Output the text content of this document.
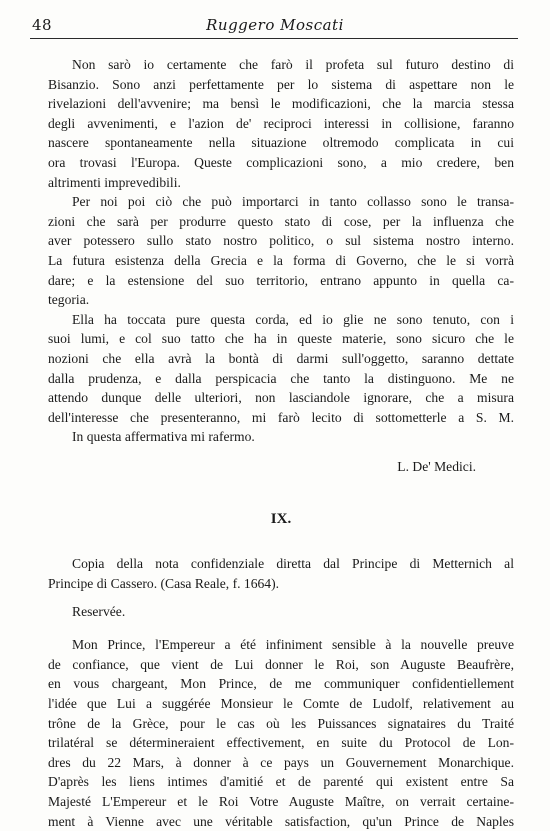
48	Ruggero Moscati
Non sarò io certamente che farò il profeta sul futuro destino di
Bisanzio. Sono anzi perfettamente per lo sistema di aspettare non le
rivelazioni dell'avvenire; ma bensì le modificazioni, che la marcia stessa
degli avvenimenti, e l'azion de' reciproci interessi in collisione, faranno
nascere spontaneamente nella situazione oltremodo complicata in cui
ora trovasi l'Europa. Queste complicazioni sono, a mio credere, ben
altrimenti imprevedibili.
Per noi poi ciò che può importarci in tanto collasso sono le transa-
zioni che sarà per produrre questo stato di cose, per la influenza che
aver potessero sullo stato nostro politico, o sul sistema nostro interno.
La futura esistenza della Grecia e la forma di Governo, che le si vorrà
dare; e la estensione del suo territorio, entrano appunto in quella ca-
tegoria.
Ella ha toccata pure questa corda, ed io glie ne sono tenuto, con i
suoi lumi, e col suo tatto che ha in queste materie, sono sicuro che le
nozioni che ella avrà la bontà di darmi sull'oggetto, saranno dettate
dalla prudenza, e dalla perspicacia che tanto la distinguono. Me ne
attendo dunque delle ulteriori, non lasciandole ignorare, che a misura
dell'interesse che presenteranno, mi farò lecito di sottometterle a S. M.
In questa affermativa mi rafermo.
L. De' Medici.
IX.
Copia della nota confidenziale diretta dal Principe di Metternich al
Principe di Cassero. (Casa Reale, f. 1664).
Reservée.
Mon Prince, l'Empereur a été infiniment sensible à la nouvelle preuve
de confiance, que vient de Lui donner le Roi, son Auguste Beaufrère,
en vous chargeant, Mon Prince, de me communiquer confidentiellement
l'idée que Lui a suggérée Monsieur le Comte de Ludolf, relativement au
trône de la Grèce, pour le cas où les Puissances signataires du Traité
trilatéral se détermineraient effectivement, en suite du Protocol de Lon-
dres du 22 Mars, à donner à ce pays un Gouvernement Monarchique.
D'après les liens intimes d'amitié et de parenté qui existent entre Sa
Majesté L'Empereur et le Roi Votre Auguste Maître, on verrait certaine-
ment à Vienne avec une véritable satisfaction, qu'un Prince de Naples
